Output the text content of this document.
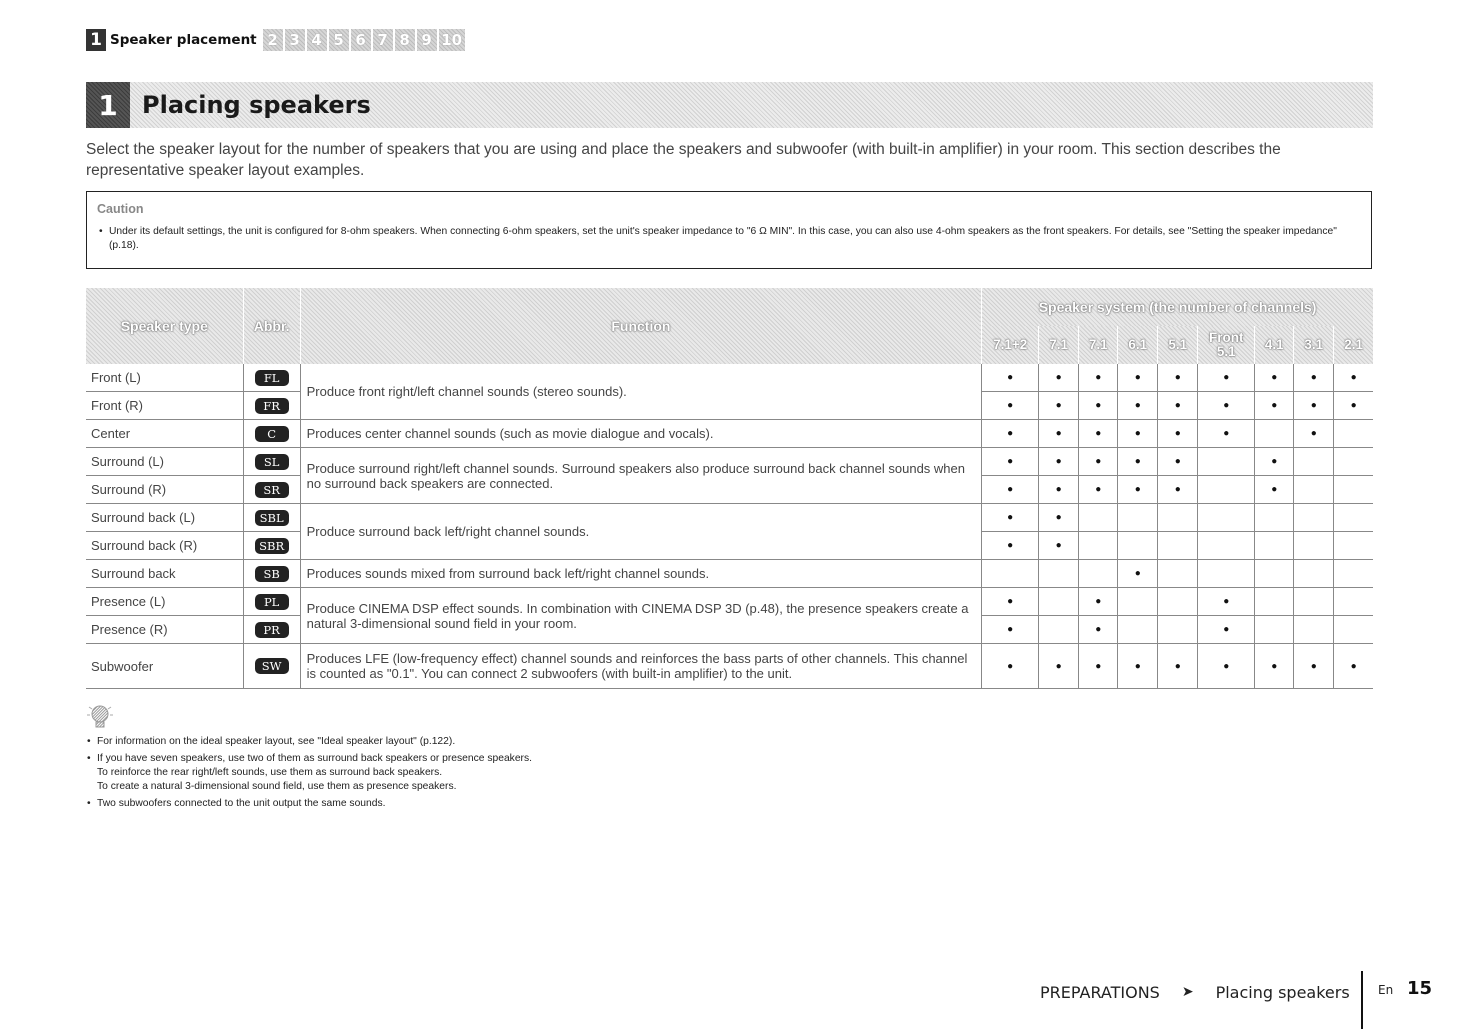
1 Speaker placement 2 3 4 5 6 7 8 9 10
1	Placing speakers
Select the speaker layout for the number of speakers that you are using and place the speakers and subwoofer (with built-in amplifier) in your room. This section describes the representative speaker layout examples.
Caution
• Under its default settings, the unit is configured for 8-ohm speakers. When connecting 6-ohm speakers, set the unit's speaker impedance to "6 Ω MIN". In this case, you can also use 4-ohm speakers as the front speakers. For details, see "Setting the speaker impedance" (p.18).
Speaker type	Abbr.	Function	Speaker system (the number of channels)								
			7.1+2	7.1	7.1	6.1	5.1	Front 5.1	4.1	3.1	2.1
Front (L)	FL	Produce front right/left channel sounds (stereo sounds).	●	●	●	●	●	●	●	●	●
Front (R)	FR		●	●	●	●	●	●	●	●	●
Center	C	Produces center channel sounds (such as movie dialogue and vocals).	●	●	●	●	●	●		●	
Surround (L)	SL	Produce surround right/left channel sounds. Surround speakers also produce surround back channel sounds when no surround back speakers are connected.	●	●	●	●	●		●		
Surround (R)	SR		●	●	●	●	●		●		
Surround back (L)	SBL	Produce surround back left/right channel sounds.	●	●							
Surround back (R)	SBR		●	●							
Surround back	SB	Produces sounds mixed from surround back left/right channel sounds.				●					
Presence (L)	PL	Produce CINEMA DSP effect sounds. In combination with CINEMA DSP 3D (p.48), the presence speakers create a natural 3-dimensional sound field in your room.	●		●			●			
Presence (R)	PR		●		●			●			
Subwoofer	SW	Produces LFE (low-frequency effect) channel sounds and reinforces the bass parts of other channels. This channel is counted as "0.1". You can connect 2 subwoofers (with built-in amplifier) to the unit.	●	●	●	●	●	●	●	●	●
• For information on the ideal speaker layout, see "Ideal speaker layout" (p.122).
• If you have seven speakers, use two of them as surround back speakers or presence speakers.
To reinforce the rear right/left sounds, use them as surround back speakers.
To create a natural 3-dimensional sound field, use them as presence speakers.
• Two subwoofers connected to the unit output the same sounds.
PREPARATIONS ➤ Placing speakers En 15
